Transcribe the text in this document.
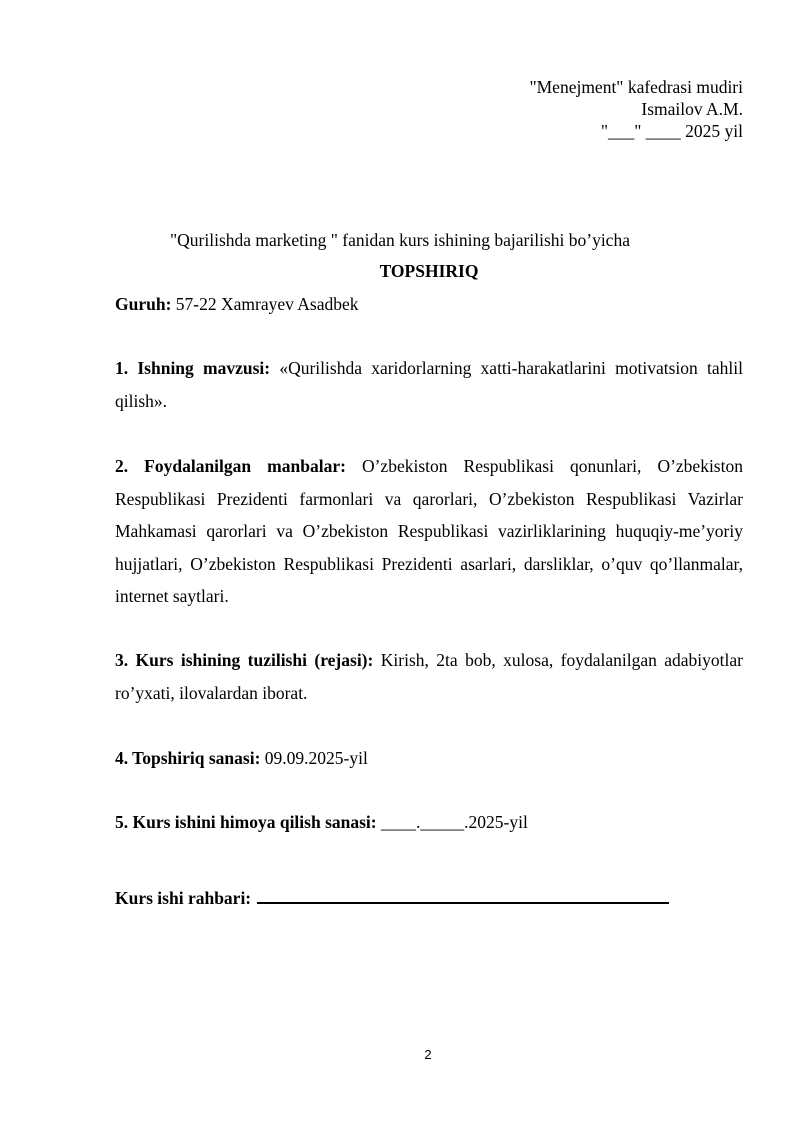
"Menejment" kafedrasi mudiri
Ismailov A.M.
"___" ____ 2025 yil
"Qurilishda marketing " fanidan kurs ishining bajarilishi bo’yicha
TOPSHIRIQ
Guruh: 57-22 Xamrayev Asadbek
1. Ishning mavzusi: «Qurilishda xaridorlarning xatti-harakatlarini motivatsion tahlil qilish».
2. Foydalanilgan manbalar: O’zbekiston Respublikasi qonunlari, O’zbekiston Respublikasi Prezidenti farmonlari va qarorlari, O’zbekiston Respublikasi Vazirlar Mahkamasi qarorlari va O’zbekiston Respublikasi vazirliklarining huquqiy-me’yoriy hujjatlari, O’zbekiston Respublikasi Prezidenti asarlari, darsliklar, o’quv qo’llanmalar, internet saytlari.
3. Kurs ishining tuzilishi (rejasi): Kirish, 2ta bob, xulosa, foydalanilgan adabiyotlar ro’yxati, ilovalardan iborat.
4. Topshiriq sanasi: 09.09.2025-yil
5. Kurs ishini himoya qilish sanasi: ____._____.2025-yil
Kurs ishi rahbari:
2
